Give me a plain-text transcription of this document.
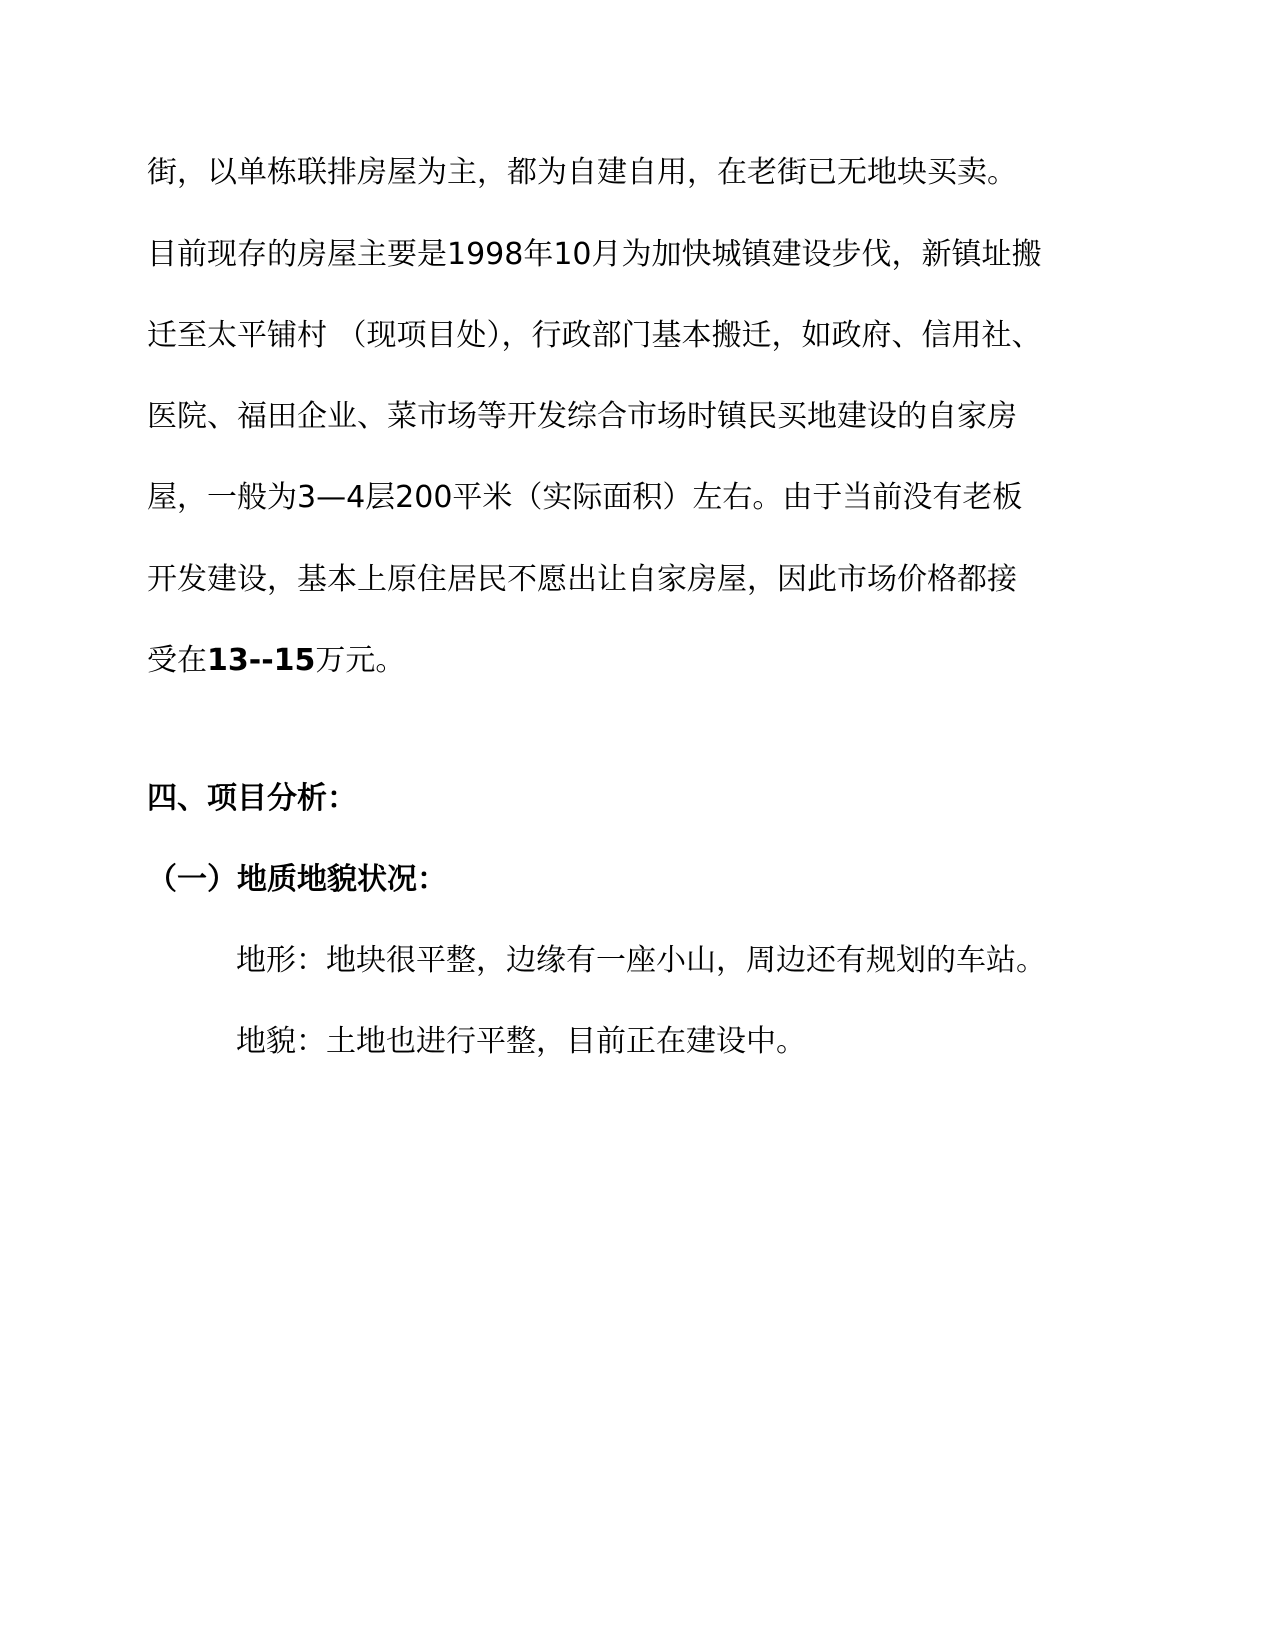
街，以单栋联排房屋为主，都为自建自用，在老街已无地块买卖。
目前现存的房屋主要是1998年10月为加快城镇建设步伐，新镇址搬
迁至太平铺村 （现项目处），行政部门基本搬迁，如政府、信用社、
医院、福田企业、菜市场等开发综合市场时镇民买地建设的自家房
屋，一般为3—4层200平米（实际面积）左右。由于当前没有老板
开发建设，基本上原住居民不愿出让自家房屋，因此市场价格都接
受在13--15万元。
四、项目分析：
（一）地质地貌状况：
地形：地块很平整，边缘有一座小山，周边还有规划的车站。
地貌：土地也进行平整，目前正在建设中。
